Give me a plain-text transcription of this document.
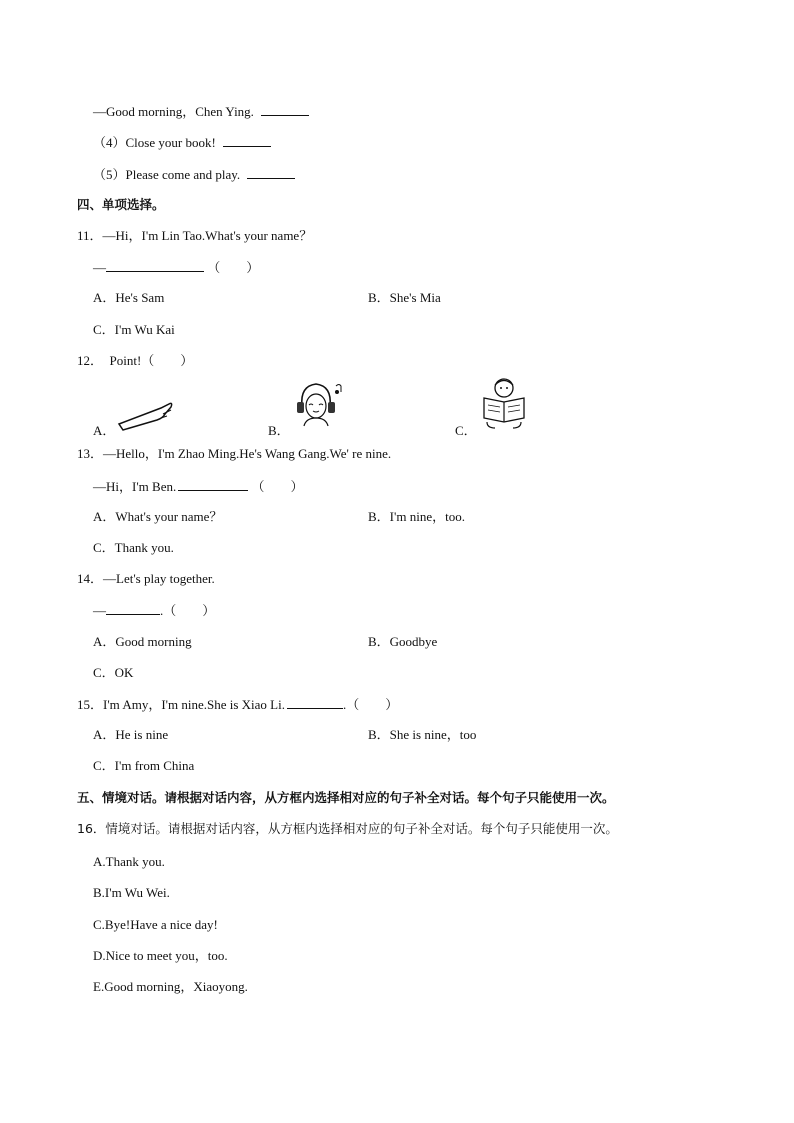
—Good morning，Chen Ying.
（4）Close your book!
（5）Please come and play.
四、单项选择。
11．—Hi，I'm Lin Tao.What's your name？
—	（　　）
A．He's Sam	B．She's Mia
C．I'm Wu Kai
12．　Point!（　　）
A．	B．	C．
13．—Hello，I'm Zhao Ming.He's Wang Gang.We' re nine.
—Hi，I'm Ben.	（　　）
A．What's your name？	B．I'm nine，too.
C．Thank you.
14．—Let's play together.
—	.（　　）
A．Good morning	B．Goodbye
C．OK
15．I'm Amy，I'm nine.She is Xiao Li.	.（　　）
A．He is nine	B．She is nine，too
C．I'm from China
五、情境对话。请根据对话内容，从方框内选择相对应的句子补全对话。每个句子只能使用一次。
16．情境对话。请根据对话内容，从方框内选择相对应的句子补全对话。每个句子只能使用一次。
A.Thank you.
B.I'm Wu Wei.
C.Bye!Have a nice day!
D.Nice to meet you，too.
E.Good morning，Xiaoyong.
